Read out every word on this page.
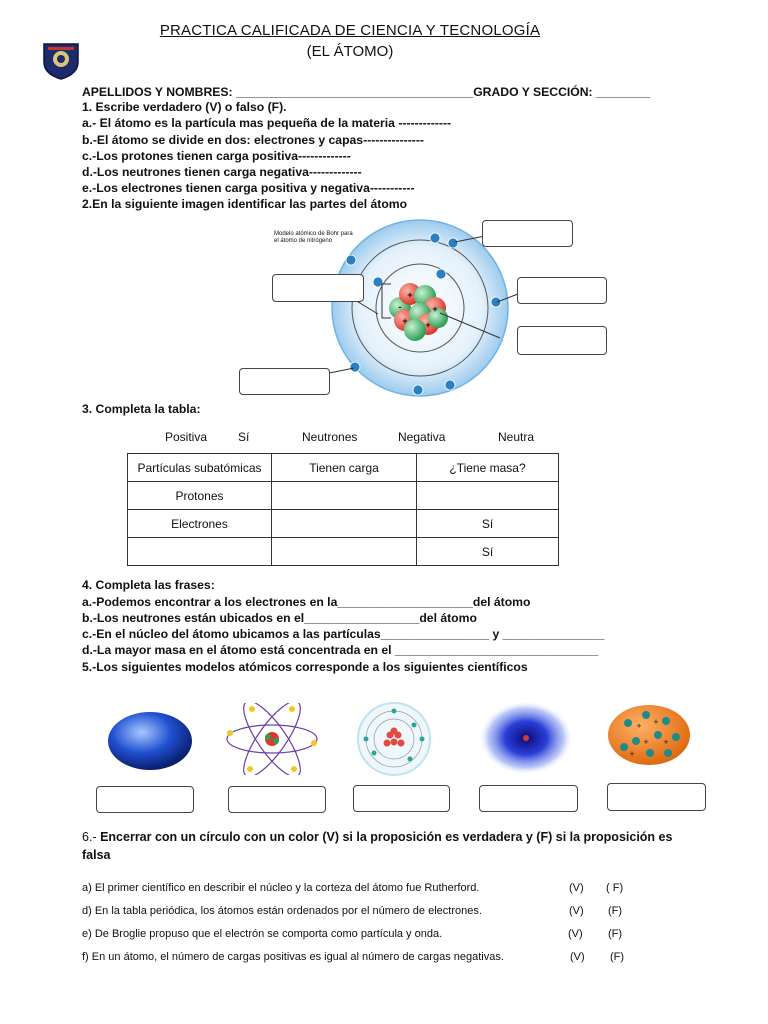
PRACTICA CALIFICADA DE CIENCIA Y TECNOLOGÍA
(EL ÁTOMO)
APELLIDOS Y NOMBRES: ___________________________________GRADO Y SECCIÓN: ________
1. Escribe verdadero (V) o falso (F).
a.- El átomo es la partícula mas pequeña de la materia -------------
b.-El átomo se divide en dos: electrones y capas---------------
c.-Los protones tienen carga positiva-------------
d.-Los neutrones tienen carga negativa-------------
e.-Los electrones tienen carga positiva y negativa-----------
2.En la siguiente imagen identificar las partes del átomo
+
+
+ +
-
Modelo atómico de Bohr para
el átomo de nitrógeno
3. Completa la tabla:
Positiva	Sí	Neutrones	Negativa	Neutra
Partículas subatómicas	Tienen carga	¿Tiene masa?
Protones		
Electrones		Sí
		Sí
4. Completa las frases:
a.-Podemos encontrar a los electrones en la____________________del átomo
b.-Los neutrones están ubicados en el_________________del átomo
c.-En el núcleo del átomo ubicamos a las partículas________________ y _______________
d.-La mayor masa en el átomo está concentrada en el ______________________________
5.-Los siguientes modelos atómicos corresponde a los siguientes científicos
+ +
+ +
+
6.- Encerrar con un círculo con un color (V) si la proposición es verdadera y (F) si la proposición es
falsa
a) El primer científico en describir el núcleo y la corteza del átomo fue Rutherford.	(V) ( F)
d) En la tabla periódica, los átomos están ordenados por el número de electrones.	(V) (F)
e) De Broglie propuso que el electrón se comporta como partícula y onda.	(V) (F)
f) En un átomo, el número de cargas positivas es igual al número de cargas negativas.	(V) (F)
